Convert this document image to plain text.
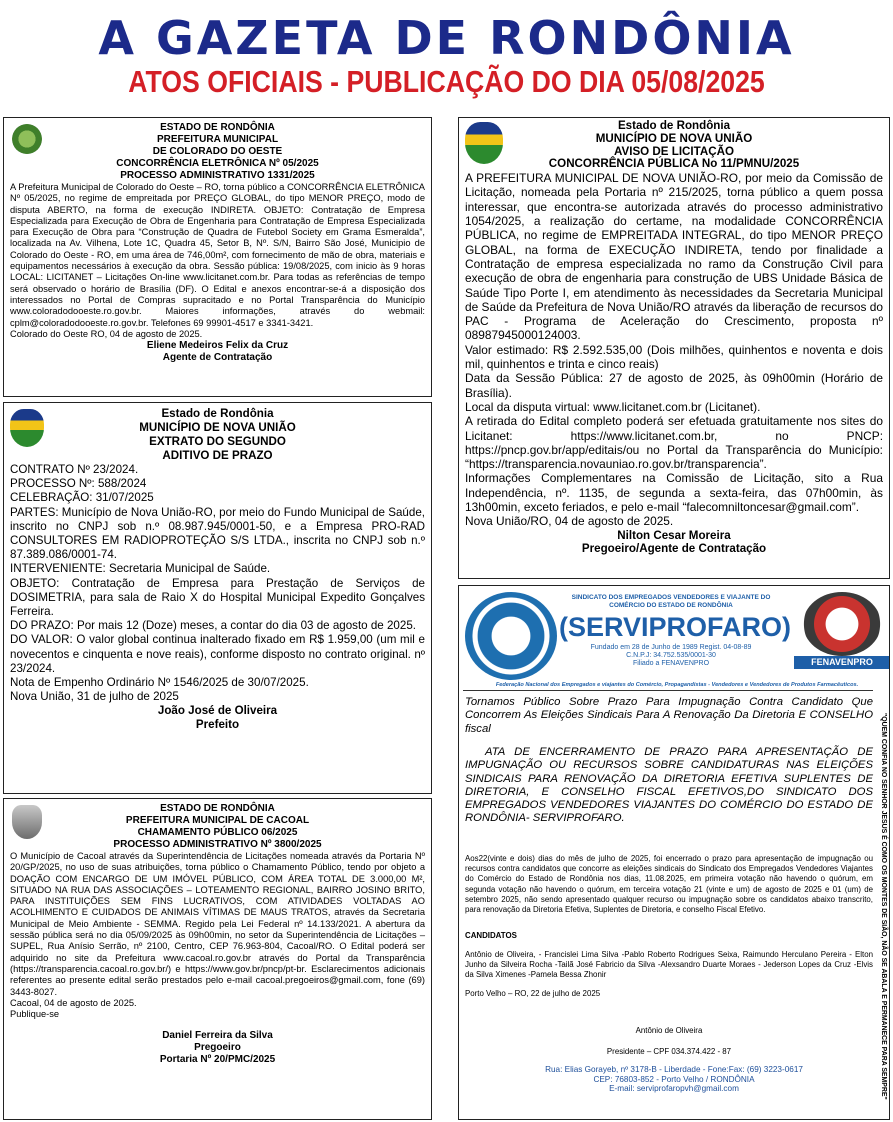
A GAZETA DE RONDÔNIA
ATOS OFICIAIS - PUBLICAÇÃO DO DIA 05/08/2025
ESTADO DE RONDÔNIA
PREFEITURA MUNICIPAL
DE COLORADO DO OESTE
CONCORRÊNCIA ELETRÔNICA Nº 05/2025
PROCESSO ADMINISTRATIVO 1331/2025
A Prefeitura Municipal de Colorado do Oeste – RO, torna público a CONCORRÊNCIA ELETRÔNICA Nº 05/2025, no regime de empreitada por PREÇO GLOBAL, do tipo MENOR PREÇO, modo de disputa ABERTO, na forma de execução INDIRETA. OBJETO: Contratação de Empresa Especializada para Execução de Obra de Engenharia para Contratação de Empresa Especializada para Execução de Obra para “Construção de Quadra de Futebol Society em Grama Esmeralda”, localizada na Av. Vilhena, Lote 1C, Quadra 45, Setor B, Nº. S/N, Bairro São José, Municipio de Colorado do Oeste - RO, em uma área de 746,00m², com fornecimento de mão de obra, materiais e equipamentos necessários à execução da obra. Sessão pública: 19/08/2025, com inicio às 9 horas LOCAL: LICITANET – Licitações On-line www.licitanet.com.br. Para todas as referências de tempo será observado o horário de Brasília (DF). O Edital e anexos encontrar-se-á a disposição dos interessados no Portal de Compras supracitado e no Portal Transparência do Município www.coloradodooeste.ro.gov.br. Maiores informações, através do webmail: cplm@coloradodooeste.ro.gov.br. Telefones 69 99901-4517 e 3341-3421.
Colorado do Oeste RO, 04 de agosto de 2025.
Eliene Medeiros Felix da Cruz
Agente de Contratação
Estado de Rondônia
MUNICÍPIO DE NOVA UNIÃO
EXTRATO DO SEGUNDO
ADITIVO DE PRAZO
CONTRATO Nº 23/2024.
PROCESSO Nº: 588/2024
CELEBRAÇÃO: 31/07/2025
PARTES: Município de Nova União-RO, por meio do Fundo Municipal de Saúde, inscrito no CNPJ sob n.º 08.987.945/0001-50, e a Empresa PRO-RAD CONSULTORES EM RADIOPROTEÇÃO S/S LTDA., inscrita no CNPJ sob n.º 87.389.086/0001-74.
INTERVENIENTE: Secretaria Municipal de Saúde.
OBJETO: Contratação de Empresa para Prestação de Serviços de DOSIMETRIA, para sala de Raio X do Hospital Municipal Expedito Gonçalves Ferreira.
DO PRAZO: Por mais 12 (Doze) meses, a contar do dia 03 de agosto de 2025.
DO VALOR: O valor global continua inalterado fixado em R$ 1.959,00 (um mil e novecentos e cinquenta e nove reais), conforme disposto no contrato original. nº 23/2024.
Nota de Empenho Ordinário Nº 1546/2025 de 30/07/2025.
Nova União, 31 de julho de 2025
João José de Oliveira
Prefeito
ESTADO DE RONDÔNIA
PREFEITURA MUNICIPAL DE CACOAL
CHAMAMENTO PÚBLICO 06/2025
PROCESSO ADMINISTRATIVO Nº 3800/2025
O Município de Cacoal através da Superintendência de Licitações nomeada através da Portaria Nº 20/GP/2025, no uso de suas atribuições, torna público o Chamamento Público, tendo por objeto a DOAÇÃO COM ENCARGO DE UM IMÓVEL PÚBLICO, COM ÁREA TOTAL DE 3.000,00 M², SITUADO NA RUA DAS ASSOCIAÇÕES – LOTEAMENTO REGIONAL, BAIRRO JOSINO BRITO, PARA INSTITUIÇÕES SEM FINS LUCRATIVOS, COM ATIVIDADES VOLTADAS AO ACOLHIMENTO E CUIDADOS DE ANIMAIS VÍTIMAS DE MAUS TRATOS, através da Secretaria Municipal de Meio Ambiente - SEMMA. Regido pela Lei Federal nº 14.133/2021. A abertura da sessão pública será no dia 05/09/2025 às 09h00min, no setor da Superintendência de Licitações – SUPEL, Rua Anísio Serrão, nº 2100, Centro, CEP 76.963-804, Cacoal/RO. O Edital poderá ser adquirido no site da Prefeitura www.cacoal.ro.gov.br através do Portal da Transparência (https://transparencia.cacoal.ro.gov.br/) e https://www.gov.br/pncp/pt-br. Esclarecimentos adicionais referentes ao presente edital serão prestados pelo e-mail cacoal.pregoeiros@gmail.com, fone (69) 3443-8027.
Cacoal, 04 de agosto de 2025.
Publique-se
Daniel Ferreira da Silva
Pregoeiro
Portaria Nº 20/PMC/2025
Estado de Rondônia
MUNICÍPIO DE NOVA UNIÃO
AVISO DE LICITAÇÃO
CONCORRÊNCIA PÚBLICA No 11/PMNU/2025
A PREFEITURA MUNICIPAL DE NOVA UNIÃO-RO, por meio da Comissão de Licitação, nomeada pela Portaria nº 215/2025, torna público a quem possa interessar, que encontra-se autorizada através do processo administrativo 1054/2025, a realização do certame, na modalidade CONCORRÊNCIA PÚBLICA, no regime de EMPREITADA INTEGRAL, do tipo MENOR PREÇO GLOBAL, na forma de EXECUÇÃO INDIRETA, tendo por finalidade a Contratação de empresa especializada no ramo da Construção Civil para execução de obra de engenharia para construção de UBS Unidade Básica de Saúde Tipo Porte I, em atendimento às necessidades da Secretaria Municipal de Saúde da Prefeitura de Nova União/RO através da liberação de recursos do PAC - Programa de Aceleração do Crescimento, proposta nº 08987945000124003.
Valor estimado: R$ 2.592.535,00 (Dois milhões, quinhentos e noventa e dois mil, quinhentos e trinta e cinco reais)
Data da Sessão Pública: 27 de agosto de 2025, às 09h00min (Horário de Brasília).
Local da disputa virtual: www.licitanet.com.br (Licitanet).
A retirada do Edital completo poderá ser efetuada gratuitamente nos sites do Licitanet: https://www.licitanet.com.br, no PNCP: https://pncp.gov.br/app/editais/ou no Portal da Transparência do Município: “https://transparencia.novauniao.ro.gov.br/transparencia”.
Informações Complementares na Comissão de Licitação, sito a Rua Independência, nº. 1135, de segunda a sexta-feira, das 07h00min, às 13h00min, exceto feriados, e pelo e-mail “falecomniltoncesar@gmail.com”.
Nova União/RO, 04 de agosto de 2025.
Nilton Cesar Moreira
Pregoeiro/Agente de Contratação
SINDICATO DOS EMPREGADOS VENDEDORES E VIAJANTE DO COMÉRCIO DO ESTADO DE RONDÔNIA
(SERVIPROFARO)
Fundado em 28 de Junho de 1989 Regist. 04-08-89
C.N.P.J: 34.752.535/0001-30
Filiado a FENAVENPRO	FENAVENPRO
Federação Nacional dos Empregados e viajantes do Comércio, Propagandistas - Vendedores e Vendedores de Produtos Farmacêuticos.
Tornamos Público Sobre Prazo Para Impugnação Contra Candidato Que Concorrem As Eleições Sindicais Para A Renovação Da Diretoria E CONSELHO fiscal
ATA DE ENCERRAMENTO DE PRAZO PARA APRESENTAÇÃO DE IMPUGNAÇÃO OU RECURSOS SOBRE CANDIDATURAS NAS ELEIÇÕES SINDICAIS PARA RENOVAÇÃO DA DIRETORIA EFETIVA SUPLENTES DE DIRETORIA, E CONSELHO FISCAL EFETIVOS,DO SINDICATO DOS EMPREGADOS VENDEDORES VIAJANTES DO COMÉRCIO DO ESTADO DE RONDÔNIA- SERVIPROFARO.
Aos22(vinte e dois) dias do mês de julho de 2025, foi encerrado o prazo para apresentação de impugnação ou recursos contra candidatos que concorre as eleições sindicais do Sindicato dos Empregados Vendedores Viajantes do Comércio do Estado de Rondônia nos dias, 11.08.2025, em primeira votação não havendo o quórum, em segunda votação não havendo o quórum, em terceira votação 21 (vinte e um) de agosto de 2025 e 01 (um) de setembro 2025, não sendo apresentado qualquer recurso ou impugnação sobre os candidatos abaixo transcrito, para renovação da Diretoria Efetiva, Suplentes de Diretoria, e conselho Fiscal Efetivo.
CANDIDATOS
Antônio de Oliveira, - Francislei Lima Silva -Pablo Roberto Rodrigues Seixa, Raimundo Herculano Pereira - Elton Junho da Silveira Rocha -Tailã José Fabricio da Silva -Alexsandro Duarte Moraes - Jederson Lopes da Cruz -Elvis da Silva Ximenes -Pamela Bessa Zhonir
Porto Velho – RO, 22 de julho de 2025
Antônio de Oliveira
Presidente – CPF 034.374.422 - 87
Rua: Elias Gorayeb, nº 3178-B - Liberdade - Fone:Fax: (69) 3223-0617
CEP: 76803-852 - Porto Velho / RONDÔNIA
E-mail: serviprofaropvh@gmail.com	"QUEM CONFIA NO SENHOR JESUS É COMO OS MONTES DE SIÃO, NÃO SE ABALA E PERMANECE PARA SEMPRE"
